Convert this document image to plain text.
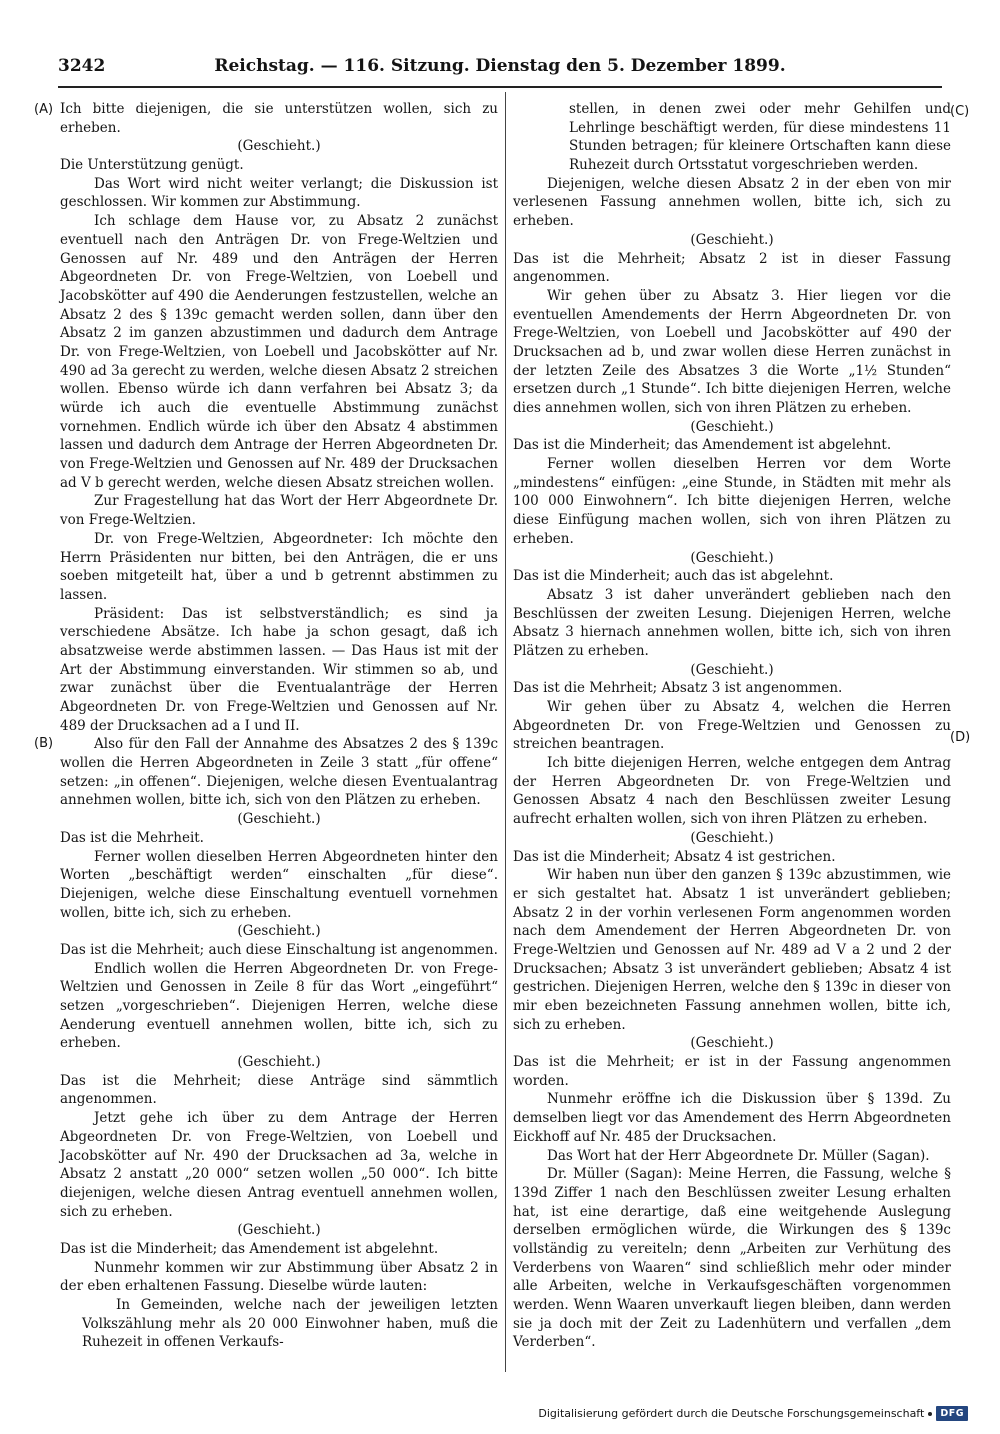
3242	Reichstag. — 116. Sitzung. Dienstag den 5. Dezember 1899.
(A)
(B)
(C)
(D)

Ich bitte diejenigen, die sie unterstützen wollen, sich zu erheben.

(Geschieht.)

Die Unterstützung genügt.

Das Wort wird nicht weiter verlangt; die Diskussion ist geschlossen. Wir kommen zur Abstimmung.

Ich schlage dem Hause vor, zu Absatz 2 zunächst eventuell nach den Anträgen Dr. von Frege-Weltzien und Genossen auf Nr. 489 und den Anträgen der Herren Abgeordneten Dr. von Frege-Weltzien, von Loebell und Jacobskötter auf 490 die Aenderungen festzustellen, welche an Absatz 2 des § 139c gemacht werden sollen, dann über den Absatz 2 im ganzen abzustimmen und dadurch dem Antrage Dr. von Frege-Weltzien, von Loebell und Jacobskötter auf Nr. 490 ad 3a gerecht zu werden, welche diesen Absatz 2 streichen wollen. Ebenso würde ich dann verfahren bei Absatz 3; da würde ich auch die eventuelle Abstimmung zunächst vornehmen. Endlich würde ich über den Absatz 4 abstimmen lassen und dadurch dem Antrage der Herren Abgeordneten Dr. von Frege-Weltzien und Genossen auf Nr. 489 der Drucksachen ad V b gerecht werden, welche diesen Absatz streichen wollen.

Zur Fragestellung hat das Wort der Herr Abgeordnete Dr. von Frege-Weltzien.

Dr. von Frege-Weltzien, Abgeordneter: Ich möchte den Herrn Präsidenten nur bitten, bei den Anträgen, die er uns soeben mitgeteilt hat, über a und b getrennt abstimmen zu lassen.

Präsident: Das ist selbstverständlich; es sind ja verschiedene Absätze. Ich habe ja schon gesagt, daß ich absatzweise werde abstimmen lassen. — Das Haus ist mit der Art der Abstimmung einverstanden. Wir stimmen so ab, und zwar zunächst über die Eventualanträge der Herren Abgeordneten Dr. von Frege-Weltzien und Genossen auf Nr. 489 der Drucksachen ad a I und II.

Also für den Fall der Annahme des Absatzes 2 des § 139c wollen die Herren Abgeordneten in Zeile 3 statt „für offene“ setzen: „in offenen“. Diejenigen, welche diesen Eventualantrag annehmen wollen, bitte ich, sich von den Plätzen zu erheben.

(Geschieht.)

Das ist die Mehrheit.

Ferner wollen dieselben Herren Abgeordneten hinter den Worten „beschäftigt werden“ einschalten „für diese“. Diejenigen, welche diese Einschaltung eventuell vornehmen wollen, bitte ich, sich zu erheben.

(Geschieht.)

Das ist die Mehrheit; auch diese Einschaltung ist angenommen.

Endlich wollen die Herren Abgeordneten Dr. von Frege-Weltzien und Genossen in Zeile 8 für das Wort „eingeführt“ setzen „vorgeschrieben“. Diejenigen Herren, welche diese Aenderung eventuell annehmen wollen, bitte ich, sich zu erheben.

(Geschieht.)

Das ist die Mehrheit; diese Anträge sind sämmtlich angenommen.

Jetzt gehe ich über zu dem Antrage der Herren Abgeordneten Dr. von Frege-Weltzien, von Loebell und Jacobskötter auf Nr. 490 der Drucksachen ad 3a, welche in Absatz 2 anstatt „20 000“ setzen wollen „50 000“. Ich bitte diejenigen, welche diesen Antrag eventuell annehmen wollen, sich zu erheben.

(Geschieht.)

Das ist die Minderheit; das Amendement ist abgelehnt.

Nunmehr kommen wir zur Abstimmung über Absatz 2 in der eben erhaltenen Fassung. Dieselbe würde lauten:

In Gemeinden, welche nach der jeweiligen letzten Volkszählung mehr als 20 000 Einwohner haben, muß die Ruhezeit in offenen Verkaufs-

stellen, in denen zwei oder mehr Gehilfen und Lehrlinge beschäftigt werden, für diese mindestens 11 Stunden betragen; für kleinere Ortschaften kann diese Ruhezeit durch Ortsstatut vorgeschrieben werden.

Diejenigen, welche diesen Absatz 2 in der eben von mir verlesenen Fassung annehmen wollen, bitte ich, sich zu erheben.

(Geschieht.)

Das ist die Mehrheit; Absatz 2 ist in dieser Fassung angenommen.

Wir gehen über zu Absatz 3. Hier liegen vor die eventuellen Amendements der Herrn Abgeordneten Dr. von Frege-Weltzien, von Loebell und Jacobskötter auf 490 der Drucksachen ad b, und zwar wollen diese Herren zunächst in der letzten Zeile des Absatzes 3 die Worte „1½ Stunden“ ersetzen durch „1 Stunde“. Ich bitte diejenigen Herren, welche dies annehmen wollen, sich von ihren Plätzen zu erheben.

(Geschieht.)

Das ist die Minderheit; das Amendement ist abgelehnt.

Ferner wollen dieselben Herren vor dem Worte „mindestens“ einfügen: „eine Stunde, in Städten mit mehr als 100 000 Einwohnern“. Ich bitte diejenigen Herren, welche diese Einfügung machen wollen, sich von ihren Plätzen zu erheben.

(Geschieht.)

Das ist die Minderheit; auch das ist abgelehnt.

Absatz 3 ist daher unverändert geblieben nach den Beschlüssen der zweiten Lesung. Diejenigen Herren, welche Absatz 3 hiernach annehmen wollen, bitte ich, sich von ihren Plätzen zu erheben.

(Geschieht.)

Das ist die Mehrheit; Absatz 3 ist angenommen.

Wir gehen über zu Absatz 4, welchen die Herren Abgeordneten Dr. von Frege-Weltzien und Genossen zu streichen beantragen.

Ich bitte diejenigen Herren, welche entgegen dem Antrag der Herren Abgeordneten Dr. von Frege-Weltzien und Genossen Absatz 4 nach den Beschlüssen zweiter Lesung aufrecht erhalten wollen, sich von ihren Plätzen zu erheben.

(Geschieht.)

Das ist die Minderheit; Absatz 4 ist gestrichen.

Wir haben nun über den ganzen § 139c abzustimmen, wie er sich gestaltet hat. Absatz 1 ist unverändert geblieben; Absatz 2 in der vorhin verlesenen Form angenommen worden nach dem Amendement der Herren Abgeordneten Dr. von Frege-Weltzien und Genossen auf Nr. 489 ad V a 2 und 2 der Drucksachen; Absatz 3 ist unverändert geblieben; Absatz 4 ist gestrichen. Diejenigen Herren, welche den § 139c in dieser von mir eben bezeichneten Fassung annehmen wollen, bitte ich, sich zu erheben.

(Geschieht.)

Das ist die Mehrheit; er ist in der Fassung angenommen worden.

Nunmehr eröffne ich die Diskussion über § 139d. Zu demselben liegt vor das Amendement des Herrn Abgeordneten Eickhoff auf Nr. 485 der Drucksachen.

Das Wort hat der Herr Abgeordnete Dr. Müller (Sagan).

Dr. Müller (Sagan): Meine Herren, die Fassung, welche § 139d Ziffer 1 nach den Beschlüssen zweiter Lesung erhalten hat, ist eine derartige, daß eine weitgehende Auslegung derselben ermöglichen würde, die Wirkungen des § 139c vollständig zu vereiteln; denn „Arbeiten zur Verhütung des Verderbens von Waaren“ sind schließlich mehr oder minder alle Arbeiten, welche in Verkaufsgeschäften vorgenommen werden. Wenn Waaren unverkauft liegen bleiben, dann werden sie ja doch mit der Zeit zu Ladenhütern und verfallen „dem Verderben“.

Digitalisierung gefördert durch die Deutsche Forschungsgemeinschaft	DFG
